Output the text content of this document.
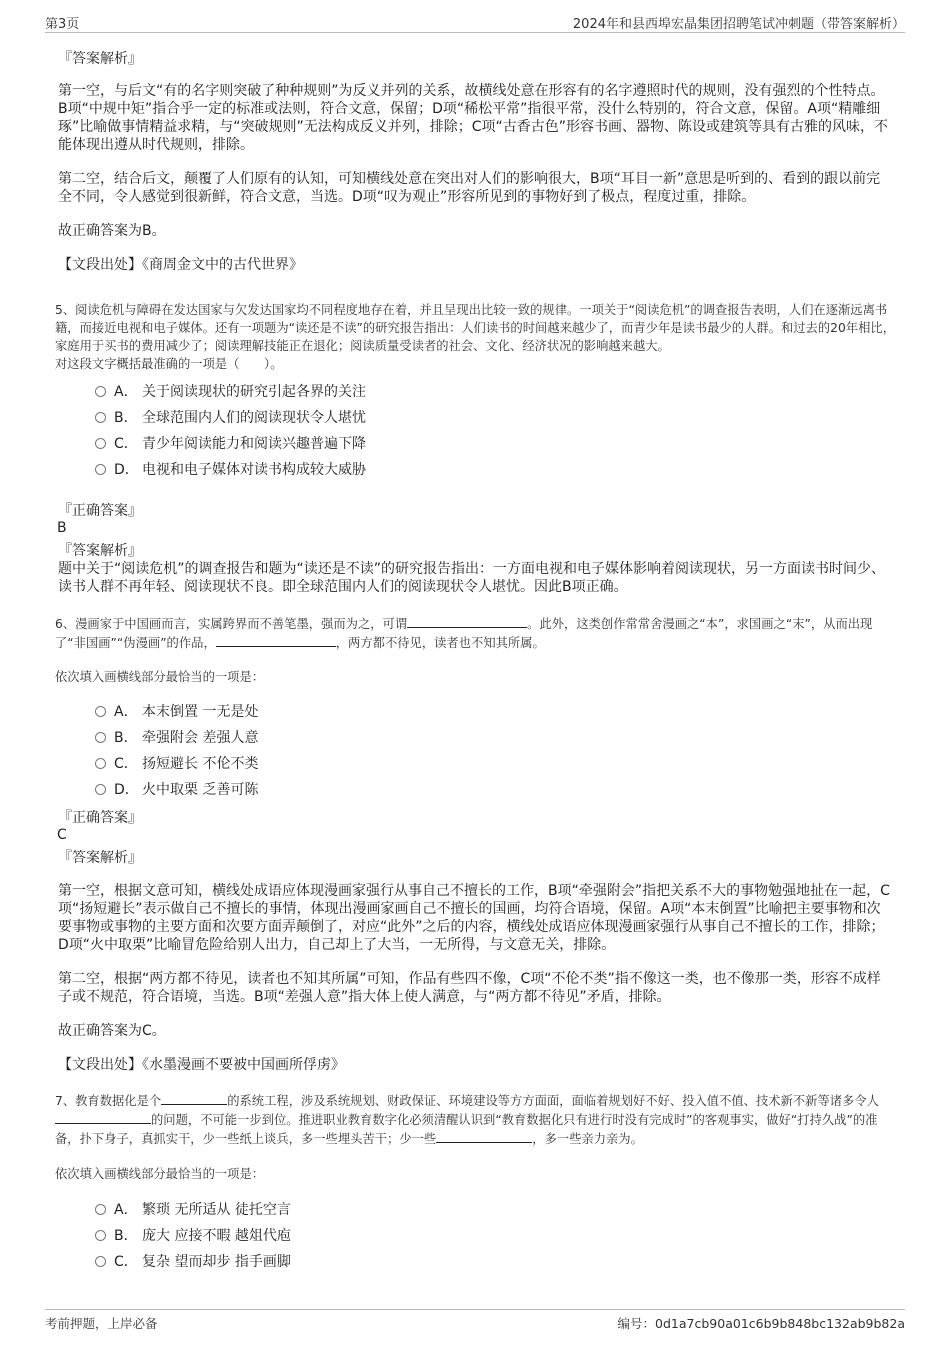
第3页	2024年和县西埠宏晶集团招聘笔试冲刺题（带答案解析）
『答案解析』
第一空，与后文“有的名字则突破了种种规则”为反义并列的关系，故横线处意在形容有的名字遵照时代的规则，没有强烈的个性特点。B项“中规中矩”指合乎一定的标准或法则，符合文意，保留；D项“稀松平常”指很平常，没什么特别的，符合文意，保留。A项“精雕细琢”比喻做事情精益求精，与“突破规则”无法构成反义并列，排除；C项“古香古色”形容书画、器物、陈设或建筑等具有古雅的风味，不能体现出遵从时代规则，排除。
第二空，结合后文，颠覆了人们原有的认知，可知横线处意在突出对人们的影响很大，B项“耳目一新”意思是听到的、看到的跟以前完全不同，令人感觉到很新鲜，符合文意，当选。D项“叹为观止”形容所见到的事物好到了极点，程度过重，排除。
故正确答案为B。
【文段出处】《商周金文中的古代世界》
5、阅读危机与障碍在发达国家与欠发达国家均不同程度地存在着，并且呈现出比较一致的规律。一项关于“阅读危机”的调查报告表明，人们在逐渐远离书籍，而接近电视和电子媒体。还有一项题为“读还是不读”的研究报告指出：人们读书的时间越来越少了，而青少年是读书最少的人群。和过去的20年相比，家庭用于买书的费用减少了；阅读理解技能正在退化；阅读质量受读者的社会、文化、经济状况的影响越来越大。
对这段文字概括最准确的一项是（　　）。
A． 关于阅读现状的研究引起各界的关注
B． 全球范围内人们的阅读现状令人堪忧
C． 青少年阅读能力和阅读兴趣普遍下降
D． 电视和电子媒体对读书构成较大威胁
『正确答案』
B
『答案解析』
题中关于“阅读危机”的调查报告和题为“读还是不读”的研究报告指出：一方面电视和电子媒体影响着阅读现状，另一方面读书时间少、读书人群不再年轻、阅读现状不良。即全球范围内人们的阅读现状令人堪忧。因此B项正确。
6、漫画家于中国画而言，实属跨界而不善笔墨，强而为之，可谓	。此外，这类创作常常舍漫画之“本”，求国画之“末”，从而出现了“非国画”“伪漫画”的作品，	，两方都不待见，读者也不知其所属。
依次填入画横线部分最恰当的一项是：
A． 本末倒置 一无是处
B． 牵强附会 差强人意
C． 扬短避长 不伦不类
D． 火中取栗 乏善可陈
『正确答案』
C
『答案解析』
第一空，根据文意可知，横线处成语应体现漫画家强行从事自己不擅长的工作，B项“牵强附会”指把关系不大的事物勉强地扯在一起，C项“扬短避长”表示做自己不擅长的事情，体现出漫画家画自己不擅长的国画，均符合语境，保留。A项“本末倒置”比喻把主要事物和次要事物或事物的主要方面和次要方面弄颠倒了，对应“此外”之后的内容，横线处成语应体现漫画家强行从事自己不擅长的工作，排除；D项“火中取栗”比喻冒危险给别人出力，自己却上了大当，一无所得，与文意无关，排除。
第二空，根据“两方都不待见，读者也不知其所属”可知，作品有些四不像，C项“不伦不类”指不像这一类，也不像那一类，形容不成样子或不规范，符合语境，当选。B项“差强人意”指大体上使人满意，与“两方都不待见”矛盾，排除。
故正确答案为C。
【文段出处】《水墨漫画不要被中国画所俘虏》
7、教育数据化是个	的系统工程，涉及系统规划、财政保证、环境建设等方方面面，面临着规划好不好、投入值不值、技术新不新等诸多令人的问题，不可能一步到位。推进职业教育数字化必须清醒认识到“教育数据化只有进行时没有完成时”的客观事实，做好“打持久战”的准备，扑下身子，真抓实干，少一些纸上谈兵，多一些埋头苦干；少一些	，多一些亲力亲为。
依次填入画横线部分最恰当的一项是：
A． 繁琐 无所适从 徒托空言
B． 庞大 应接不暇 越俎代庖
C． 复杂 望而却步 指手画脚
考前押题，上岸必备	编号：0d1a7cb90a01c6b9b848bc132ab9b82a
